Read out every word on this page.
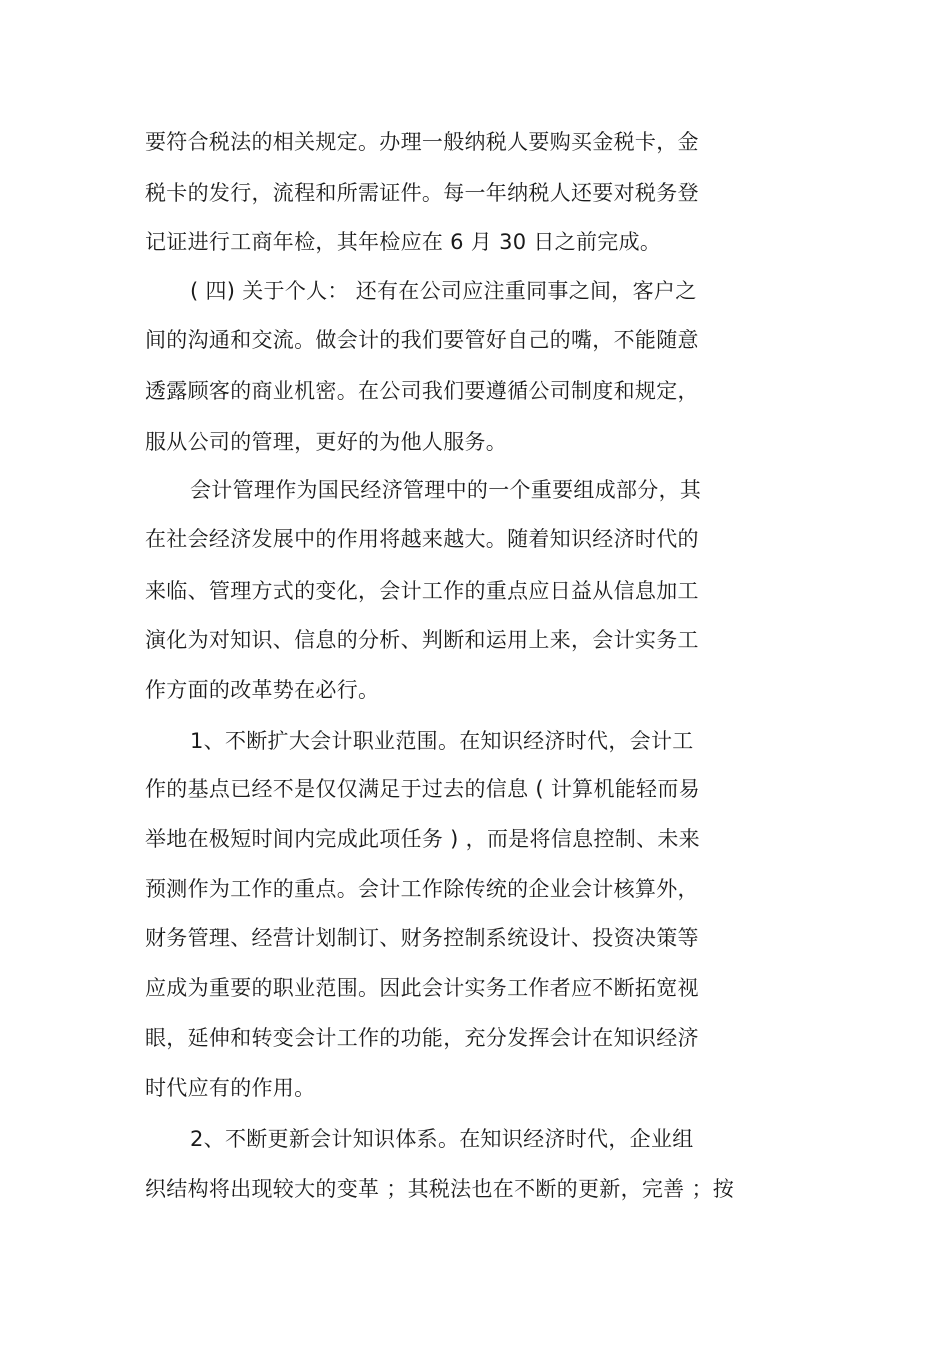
要符合税法的相关规定。办理一般纳税人要购买金税卡，金
税卡的发行，流程和所需证件。每一年纳税人还要对税务登
记证进行工商年检，其年检应在 6 月 30 日之前完成。
( 四) 关于个人： 还有在公司应注重同事之间，客户之
间的沟通和交流。做会计的我们要管好自己的嘴，不能随意
透露顾客的商业机密。在公司我们要遵循公司制度和规定，
服从公司的管理，更好的为他人服务。
会计管理作为国民经济管理中的一个重要组成部分，其
在社会经济发展中的作用将越来越大。随着知识经济时代的
来临、管理方式的变化，会计工作的重点应日益从信息加工
演化为对知识、信息的分析、判断和运用上来，会计实务工
作方面的改革势在必行。
1、不断扩大会计职业范围。在知识经济时代，会计工
作的基点已经不是仅仅满足于过去的信息 ( 计算机能轻而易
举地在极短时间内完成此项任务 ) ，而是将信息控制、未来
预测作为工作的重点。会计工作除传统的企业会计核算外，
财务管理、经营计划制订、财务控制系统设计、投资决策等
应成为重要的职业范围。因此会计实务工作者应不断拓宽视
眼，延伸和转变会计工作的功能，充分发挥会计在知识经济
时代应有的作用。
2、不断更新会计知识体系。在知识经济时代，企业组
织结构将出现较大的变革 ；其税法也在不断的更新，完善 ；按
